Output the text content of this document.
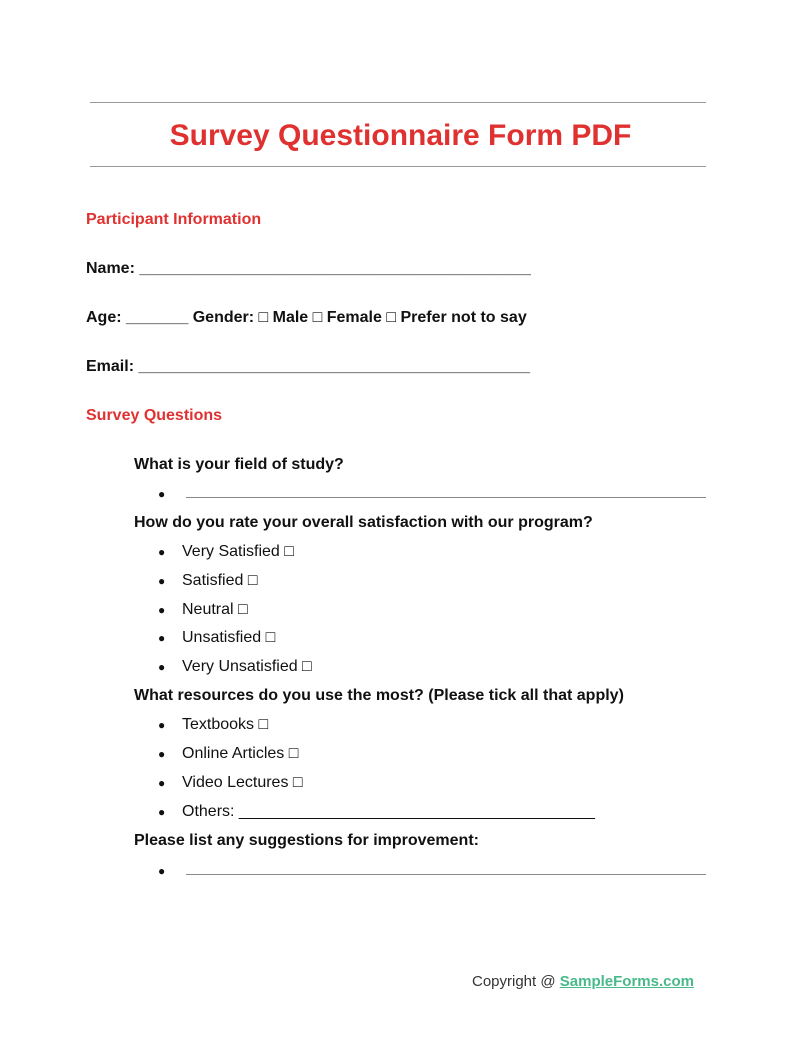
Survey Questionnaire Form PDF
Participant Information
Name: ____________________________________________
Age: _______ Gender: □ Male □ Female □ Prefer not to say
Email: ____________________________________________
Survey Questions
What is your field of study?
●
How do you rate your overall satisfaction with our program?
● Very Satisfied □
● Satisfied □
● Neutral □
● Unsatisfied □
● Very Unsatisfied □
What resources do you use the most? (Please tick all that apply)
● Textbooks □
● Online Articles □
● Video Lectures □
● Others: ________________________________________
Please list any suggestions for improvement:
●
Copyright @ SampleForms.com
